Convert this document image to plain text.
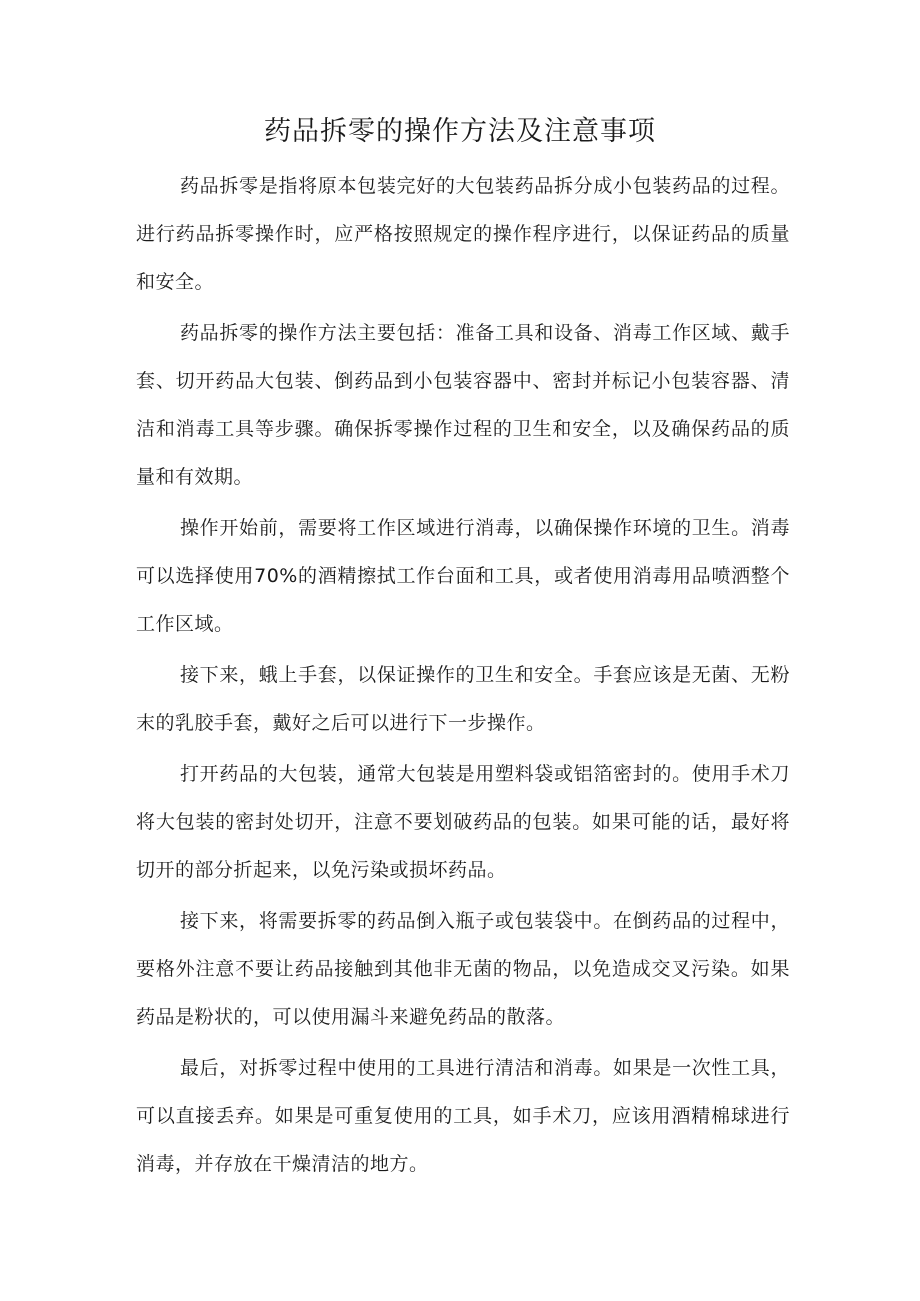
药品拆零的操作方法及注意事项

药品拆零是指将原本包装完好的大包装药品拆分成小包装药品的过程。进行药品拆零操作时，应严格按照规定的操作程序进行，以保证药品的质量和安全。

药品拆零的操作方法主要包括：准备工具和设备、消毒工作区域、戴手套、切开药品大包装、倒药品到小包装容器中、密封并标记小包装容器、清洁和消毒工具等步骤。确保拆零操作过程的卫生和安全，以及确保药品的质量和有效期。

操作开始前，需要将工作区域进行消毒，以确保操作环境的卫生。消毒可以选择使用70%的酒精擦拭工作台面和工具，或者使用消毒用品喷洒整个工作区域。

接下来，蛾上手套，以保证操作的卫生和安全。手套应该是无菌、无粉末的乳胶手套，戴好之后可以进行下一步操作。

打开药品的大包装，通常大包装是用塑料袋或铝箔密封的。使用手术刀将大包装的密封处切开，注意不要划破药品的包装。如果可能的话，最好将切开的部分折起来，以免污染或损坏药品。

接下来，将需要拆零的药品倒入瓶子或包装袋中。在倒药品的过程中，要格外注意不要让药品接触到其他非无菌的物品，以免造成交叉污染。如果药品是粉状的，可以使用漏斗来避免药品的散落。

最后，对拆零过程中使用的工具进行清洁和消毒。如果是一次性工具，可以直接丢弃。如果是可重复使用的工具，如手术刀，应该用酒精棉球进行消毒，并存放在干燥清洁的地方。
